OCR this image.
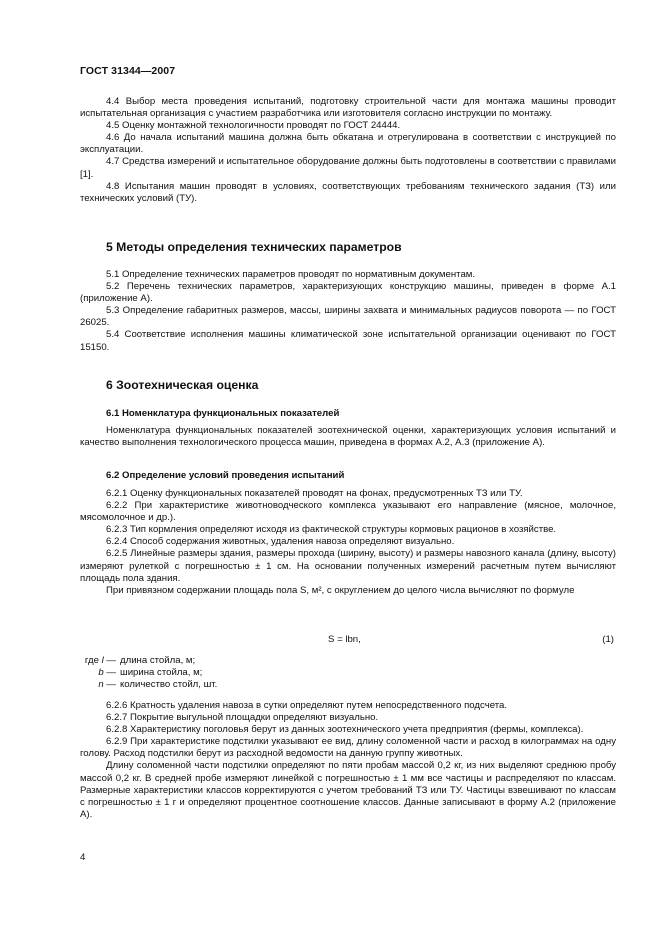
ГОСТ 31344—2007

4.4 Выбор места проведения испытаний, подготовку строительной части для монтажа машины проводит испытательная организация с участием разработчика или изготовителя согласно инструкции по монтажу.

4.5 Оценку монтажной технологичности проводят по ГОСТ 24444.

4.6 До начала испытаний машина должна быть обкатана и отрегулирована в соответствии с инструкцией по эксплуатации.

4.7 Средства измерений и испытательное оборудование должны быть подготовлены в соответствии с правилами [1].

4.8 Испытания машин проводят в условиях, соответствующих требованиям технического задания (ТЗ) или технических условий (ТУ).

5 Методы определения технических параметров

5.1 Определение технических параметров проводят по нормативным документам.

5.2 Перечень технических параметров, характеризующих конструкцию машины, приведен в форме А.1 (приложение А).

5.3 Определение габаритных размеров, массы, ширины захвата и минимальных радиусов поворота — по ГОСТ 26025.

5.4 Соответствие исполнения машины климатической зоне испытательной организации оценивают по ГОСТ 15150.

6 Зоотехническая оценка
6.1 Номенклатура функциональных показателей

Номенклатура функциональных показателей зоотехнической оценки, характеризующих условия испытаний и качество выполнения технологического процесса машин, приведена в формах А.2, А.3 (приложение А).

6.2 Определение условий проведения испытаний

6.2.1 Оценку функциональных показателей проводят на фонах, предусмотренных ТЗ или ТУ.

6.2.2 При характеристике животноводческого комплекса указывают его направление (мясное, молочное, мясомолочное и др.).

6.2.3 Тип кормления определяют исходя из фактической структуры кормовых рационов в хозяйстве.

6.2.4 Способ содержания животных, удаления навоза определяют визуально.

6.2.5 Линейные размеры здания, размеры прохода (ширину, высоту) и размеры навозного канала (длину, высоту) измеряют рулеткой с погрешностью ± 1 см. На основании полученных измерений расчетным путем вычисляют площадь пола здания.

При привязном содержании площадь пола S, м², с округлением до целого числа вычисляют по формуле

S = lbn,	(1)
где l — длина стойла, м;
b — ширина стойла, м;
n — количество стойл, шт.

6.2.6 Кратность удаления навоза в сутки определяют путем непосредственного подсчета.

6.2.7 Покрытие выгульной площадки определяют визуально.

6.2.8 Характеристику поголовья берут из данных зоотехнического учета предприятия (фермы, комплекса).

6.2.9 При характеристике подстилки указывают ее вид, длину соломенной части и расход в килограммах на одну голову. Расход подстилки берут из расходной ведомости на данную группу животных.

Длину соломенной части подстилки определяют по пяти пробам массой 0,2 кг, из них выделяют среднюю пробу массой 0,2 кг. В средней пробе измеряют линейкой с погрешностью ± 1 мм все частицы и распределяют по классам. Размерные характеристики классов корректируются с учетом требований ТЗ или ТУ. Частицы взвешивают по классам с погрешностью ± 1 г и определяют процентное соотношение классов. Данные записывают в форму А.2 (приложение А).

4
